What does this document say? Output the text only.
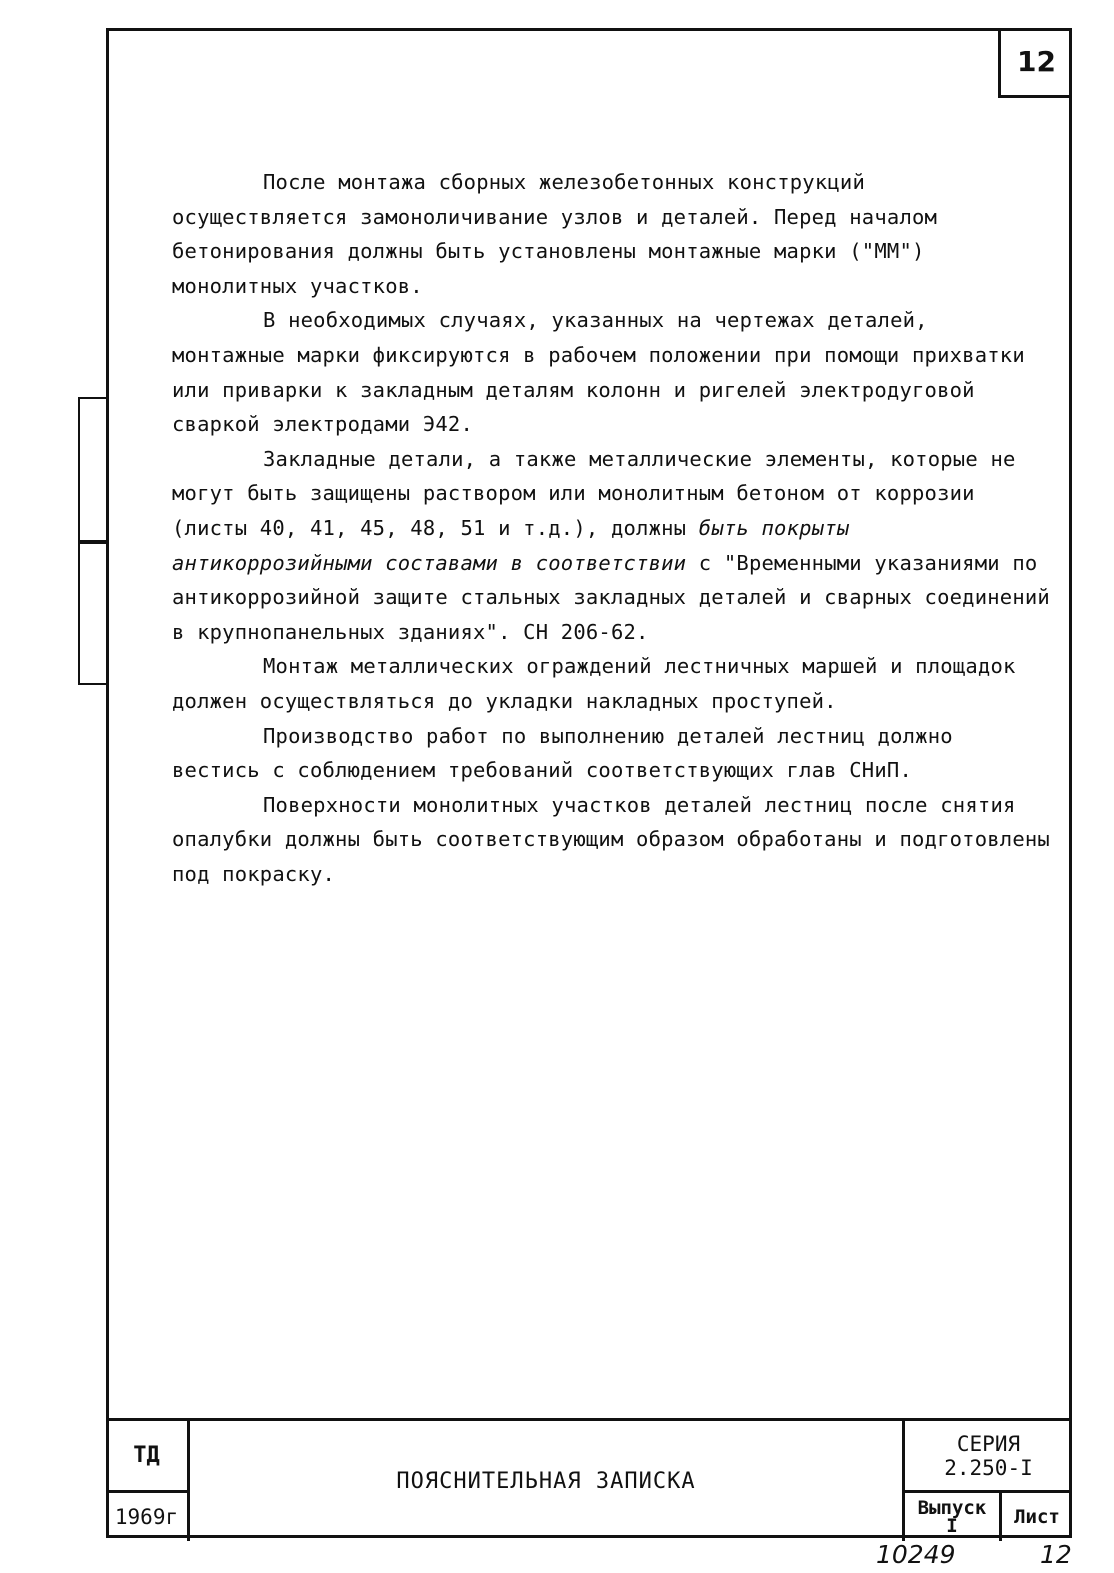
12

После монтажа сборных железобетонных конструкций осуществляется замоноличивание узлов и деталей. Перед началом бетонирования должны быть установлены монтажные марки ("ММ") монолитных участков.

В необходимых случаях, указанных на чертежах деталей, монтажные марки фиксируются в рабочем положении при помощи прихватки или приварки к закладным деталям колонн и ригелей электродуговой сваркой электродами Э42.

Закладные детали, а также металлические элементы, которые не могут быть защищены раствором или монолитным бетоном от коррозии (листы 40, 41, 45, 48, 51 и т.д.), должны быть покрыты антикоррозийными составами в соответствии с "Временными указаниями по антикоррозийной защите стальных закладных деталей и сварных соединений в крупнопанельных зданиях". СН 206-62.

Монтаж металлических ограждений лестничных маршей и площадок должен осуществляться до укладки накладных проступей.

Производство работ по выполнению деталей лестниц должно вестись с соблюдением требований соответствующих глав СНиП.

Поверхности монолитных участков деталей лестниц после снятия опалубки должны быть соответствующим образом обработаны и подготовлены под покраску.

ТД
1969г
ПОЯСНИТЕЛЬНАЯ ЗАПИСКА
СЕРИЯ
2.250-I
Выпуск
I	Лист
10249	12
